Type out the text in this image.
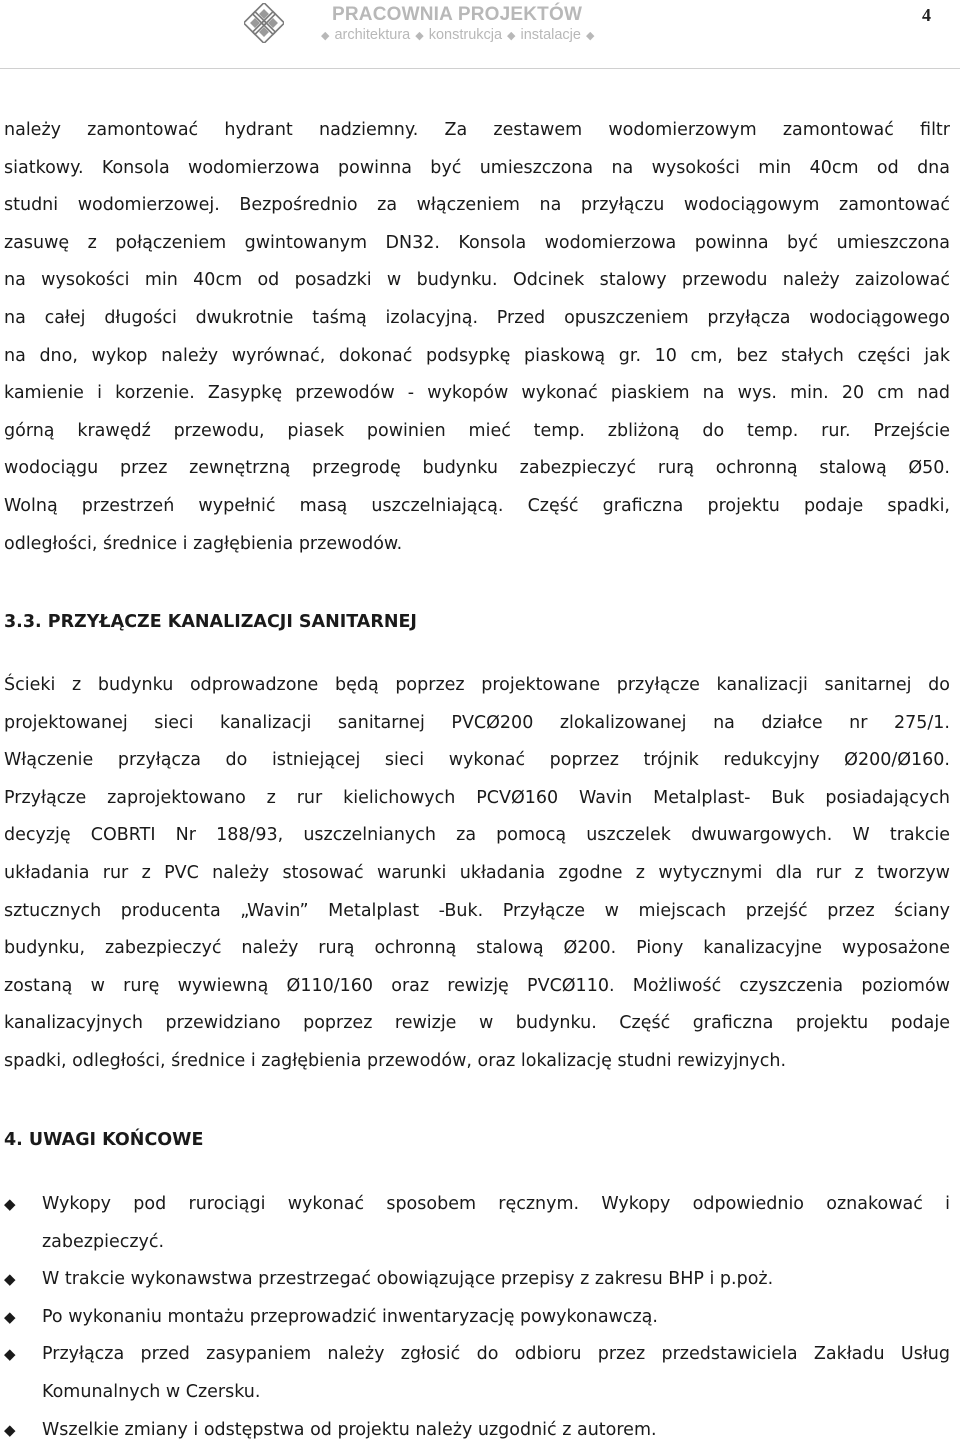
PRACOWNIA PROJEKTÓW
◆ architektura ◆ konstrukcja ◆ instalacje ◆
4
należy zamontować hydrant nadziemny. Za zestawem wodomierzowym zamontować filtr
siatkowy. Konsola wodomierzowa powinna być umieszczona na wysokości min 40cm od dna
studni wodomierzowej. Bezpośrednio za włączeniem na przyłączu wodociągowym zamontować
zasuwę z połączeniem gwintowanym DN32. Konsola wodomierzowa powinna być umieszczona
na wysokości min 40cm od posadzki w budynku. Odcinek stalowy przewodu należy zaizolować
na całej długości dwukrotnie taśmą izolacyjną. Przed opuszczeniem przyłącza wodociągowego
na dno, wykop należy wyrównać, dokonać podsypkę piaskową gr. 10 cm, bez stałych części jak
kamienie i korzenie. Zasypkę przewodów - wykopów wykonać piaskiem na wys. min. 20 cm nad
górną krawędź przewodu, piasek powinien mieć temp. zbliżoną do temp. rur. Przejście
wodociągu przez zewnętrzną przegrodę budynku zabezpieczyć rurą ochronną stalową Ø50.
Wolną przestrzeń wypełnić masą uszczelniającą. Część graficzna projektu podaje spadki,
odległości, średnice i zagłębienia przewodów.
3.3. PRZYŁĄCZE KANALIZACJI SANITARNEJ
Ścieki z budynku odprowadzone będą poprzez projektowane przyłącze kanalizacji sanitarnej do
projektowanej sieci kanalizacji sanitarnej PVCØ200 zlokalizowanej na działce nr 275/1.
Włączenie przyłącza do istniejącej sieci wykonać poprzez trójnik redukcyjny Ø200/Ø160.
Przyłącze zaprojektowano z rur kielichowych PCVØ160 Wavin Metalplast- Buk posiadających
decyzję COBRTI Nr 188/93, uszczelnianych za pomocą uszczelek dwuwargowych. W trakcie
układania rur z PVC należy stosować warunki układania zgodne z wytycznymi dla rur z tworzyw
sztucznych producenta „Wavin” Metalplast -Buk. Przyłącze w miejscach przejść przez ściany
budynku, zabezpieczyć należy rurą ochronną stalową Ø200. Piony kanalizacyjne wyposażone
zostaną w rurę wywiewną Ø110/160 oraz rewizję PVCØ110. Możliwość czyszczenia poziomów
kanalizacyjnych przewidziano poprzez rewizje w budynku. Część graficzna projektu podaje
spadki, odległości, średnice i zagłębienia przewodów, oraz lokalizację studni rewizyjnych.
4. UWAGI KOŃCOWE
◆ Wykopy pod rurociągi wykonać sposobem ręcznym. Wykopy odpowiednio oznakować i
zabezpieczyć.
◆ W trakcie wykonawstwa przestrzegać obowiązujące przepisy z zakresu BHP i p.poż.
◆ Po wykonaniu montażu przeprowadzić inwentaryzację powykonawczą.
◆ Przyłącza przed zasypaniem należy zgłosić do odbioru przez przedstawiciela Zakładu Usług
Komunalnych w Czersku.
◆ Wszelkie zmiany i odstępstwa od projektu należy uzgodnić z autorem.
